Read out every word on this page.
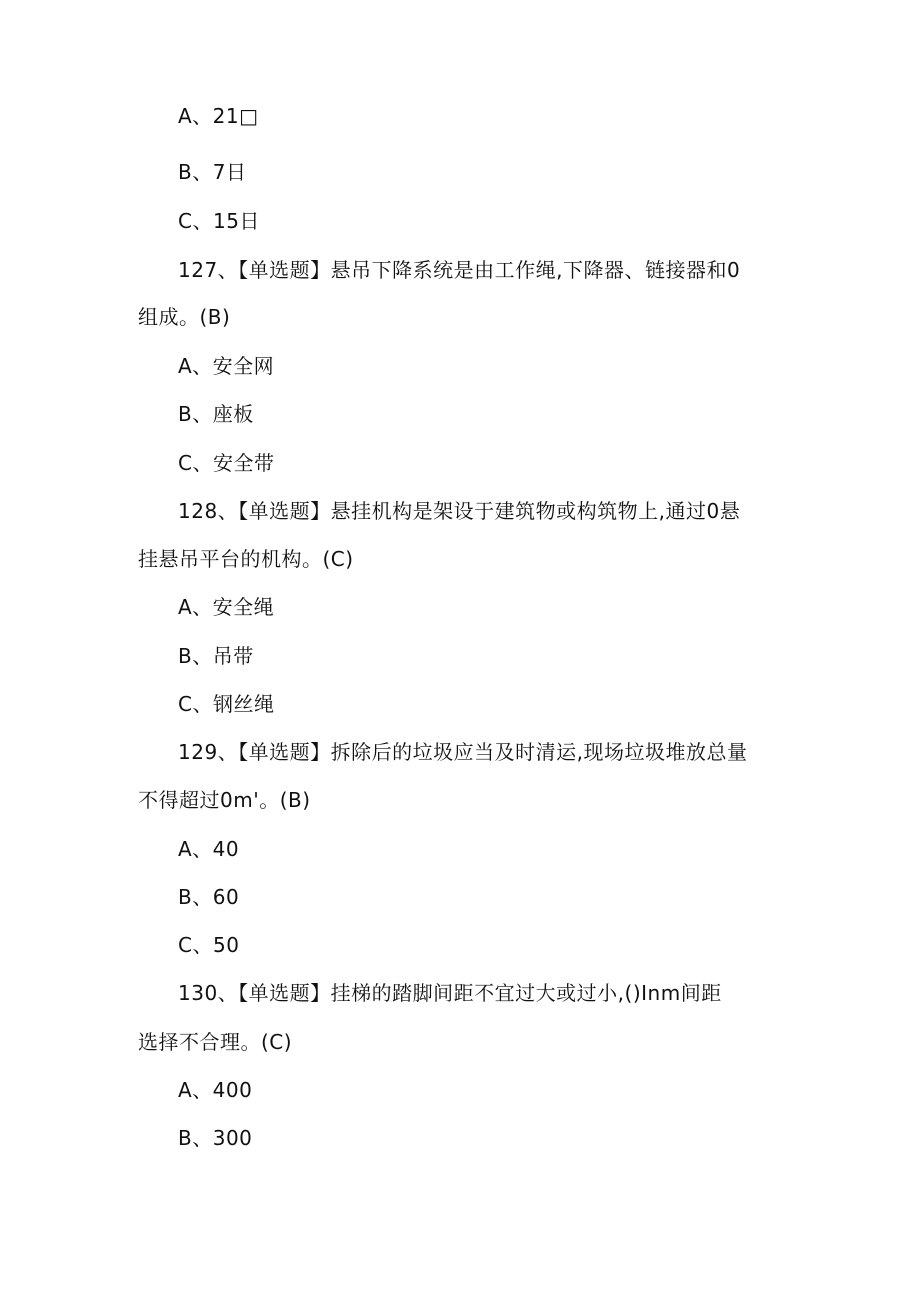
A、21□
B、7日
C、15日
127、【单选题】悬吊下降系统是由工作绳,下降器、链接器和0
组成。(B)
A、安全网
B、座板
C、安全带
128、【单选题】悬挂机构是架设于建筑物或构筑物上,通过0悬
挂悬吊平台的机构。(C)
A、安全绳
B、吊带
C、钢丝绳
129、【单选题】拆除后的垃圾应当及时清运,现场垃圾堆放总量
不得超过0m'。(B)
A、40
B、60
C、50
130、【单选题】挂梯的踏脚间距不宜过大或过小,()Inm间距
选择不合理。(C)
A、400
B、300
